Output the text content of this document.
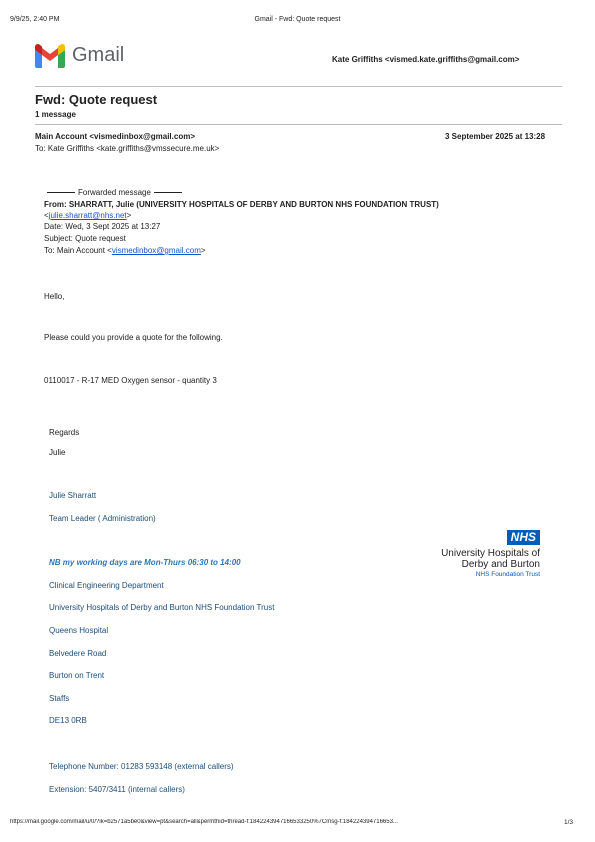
9/9/25, 2:40 PM	Gmail - Fwd: Quote request
Gmail	Kate Griffiths <vismed.kate.griffiths@gmail.com>
Fwd: Quote request
1 message
Main Account <vismedinbox@gmail.com>	3 September 2025 at 13:28
To: Kate Griffiths <kate.griffiths@vmssecure.me.uk>
Forwarded message
From: SHARRATT, Julie (UNIVERSITY HOSPITALS OF DERBY AND BURTON NHS FOUNDATION TRUST)
<julie.sharratt@nhs.net>
Date: Wed, 3 Sept 2025 at 13:27
Subject: Quote request
To: Main Account <vismedinbox@gmail.com>
Hello,
Please could you provide a quote for the following.
0110017 - R-17 MED Oxygen sensor - quantity 3
Regards
Julie
Julie Sharratt
Team Leader ( Administration)
NB my working days are Mon-Thurs 06:30 to 14:00
Clinical Engineering Department
University Hospitals of Derby and Burton NHS Foundation Trust
Queens Hospital
Belvedere Road
Burton on Trent
Staffs
DE13 0RB
Telephone Number: 01283 593148 (external callers)
Extension: 5407/3411 (internal callers)
NHS
University Hospitals of
Derby and Burton
NHS Foundation Trust
https://mail.google.com/mail/u/0/?ik=b2571a5be0&view=pt&search=all&permthid=thread-f:1842243947166533250%7Cmsg-f:184224394716653...	1/3
